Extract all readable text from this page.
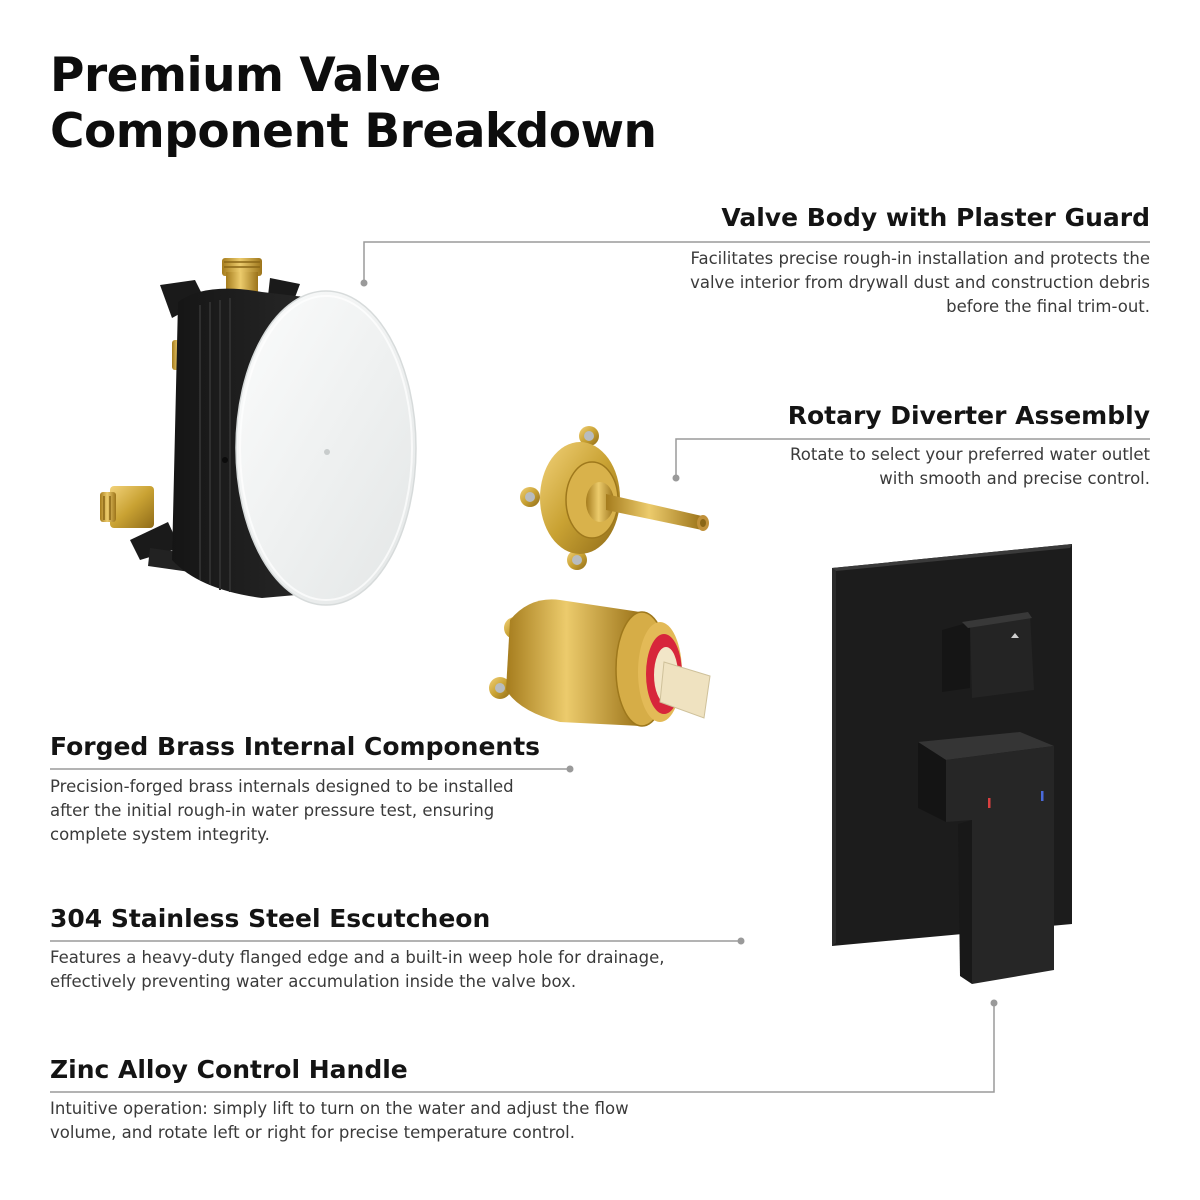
Premium Valve
Component Breakdown
Valve Body with Plaster Guard

Facilitates precise rough-in installation and protects the valve interior from drywall dust and construction debris before the final trim-out.

Rotary Diverter Assembly

Rotate to select your preferred water outlet with smooth and precise control.

Forged Brass Internal Components

Precision-forged brass internals designed to be installed after the initial rough-in water pressure test, ensuring complete system integrity.

304 Stainless Steel Escutcheon

Features a heavy-duty flanged edge and a built-in weep hole for drainage, effectively preventing water accumulation inside the valve box.

Zinc Alloy Control Handle

Intuitive operation: simply lift to turn on the water and adjust the flow volume, and rotate left or right for precise temperature control.
